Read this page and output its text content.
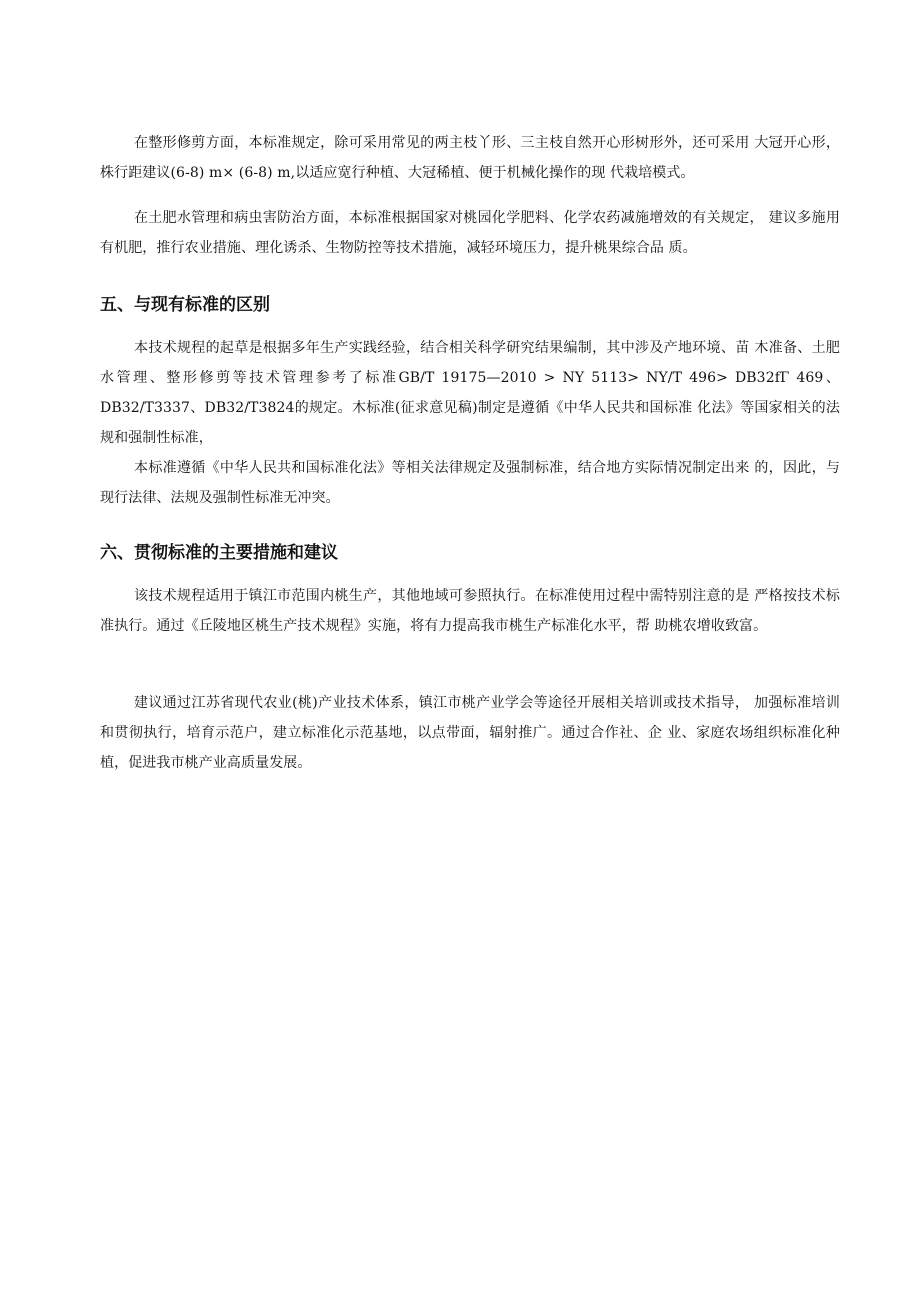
在整形修剪方面，本标准规定，除可采用常见的两主枝丫形、三主枝自然开心形树形外，还可采用 大冠开心形，株行距建议(6-8) m× (6-8) m,以适应宽行种植、大冠稀植、便于机械化操作的现 代栽培模式。

在土肥水管理和病虫害防治方面，本标准根据国家对桃园化学肥料、化学农药减施增效的有关规定， 建议多施用有机肥，推行农业措施、理化诱杀、生物防控等技术措施，减轻环境压力，提升桃果综合品 质。

五、与现有标准的区别

本技术规程的起草是根据多年生产实践经验，结合相关科学研究结果编制，其中涉及产地环境、苗 木准备、土肥水管理、整形修剪等技术管理参考了标准GB/T 19175—2010 > NY 5113> NY/T 496> DB32fГ 469、DB32/T3337、DB32/T3824的规定。木标准(征求意见稿)制定是遵循《中华人民共和国标准 化法》等国家相关的法规和强制性标准，

本标准遵循《中华人民共和国标准化法》等相关法律规定及强制标准，结合地方实际情况制定出来 的，因此，与现行法律、法规及强制性标准无冲突。

六、贯彻标准的主要措施和建议

该技术规程适用于镇江市范围内桃生产，其他地域可参照执行。在标准使用过程中需特别注意的是 严格按技术标准执行。通过《丘陵地区桃生产技术规程》实施，将有力提高我市桃生产标准化水平，帮 助桃农增收致富。

建议通过江苏省现代农业(桃)产业技术体系，镇江市桃产业学会等途径开展相关培训或技术指导， 加强标准培训和贯彻执行，培育示范户，建立标准化示范基地，以点带面，辐射推广。通过合作社、企 业、家庭农场组织标准化种植，促进我市桃产业高质量发展。
